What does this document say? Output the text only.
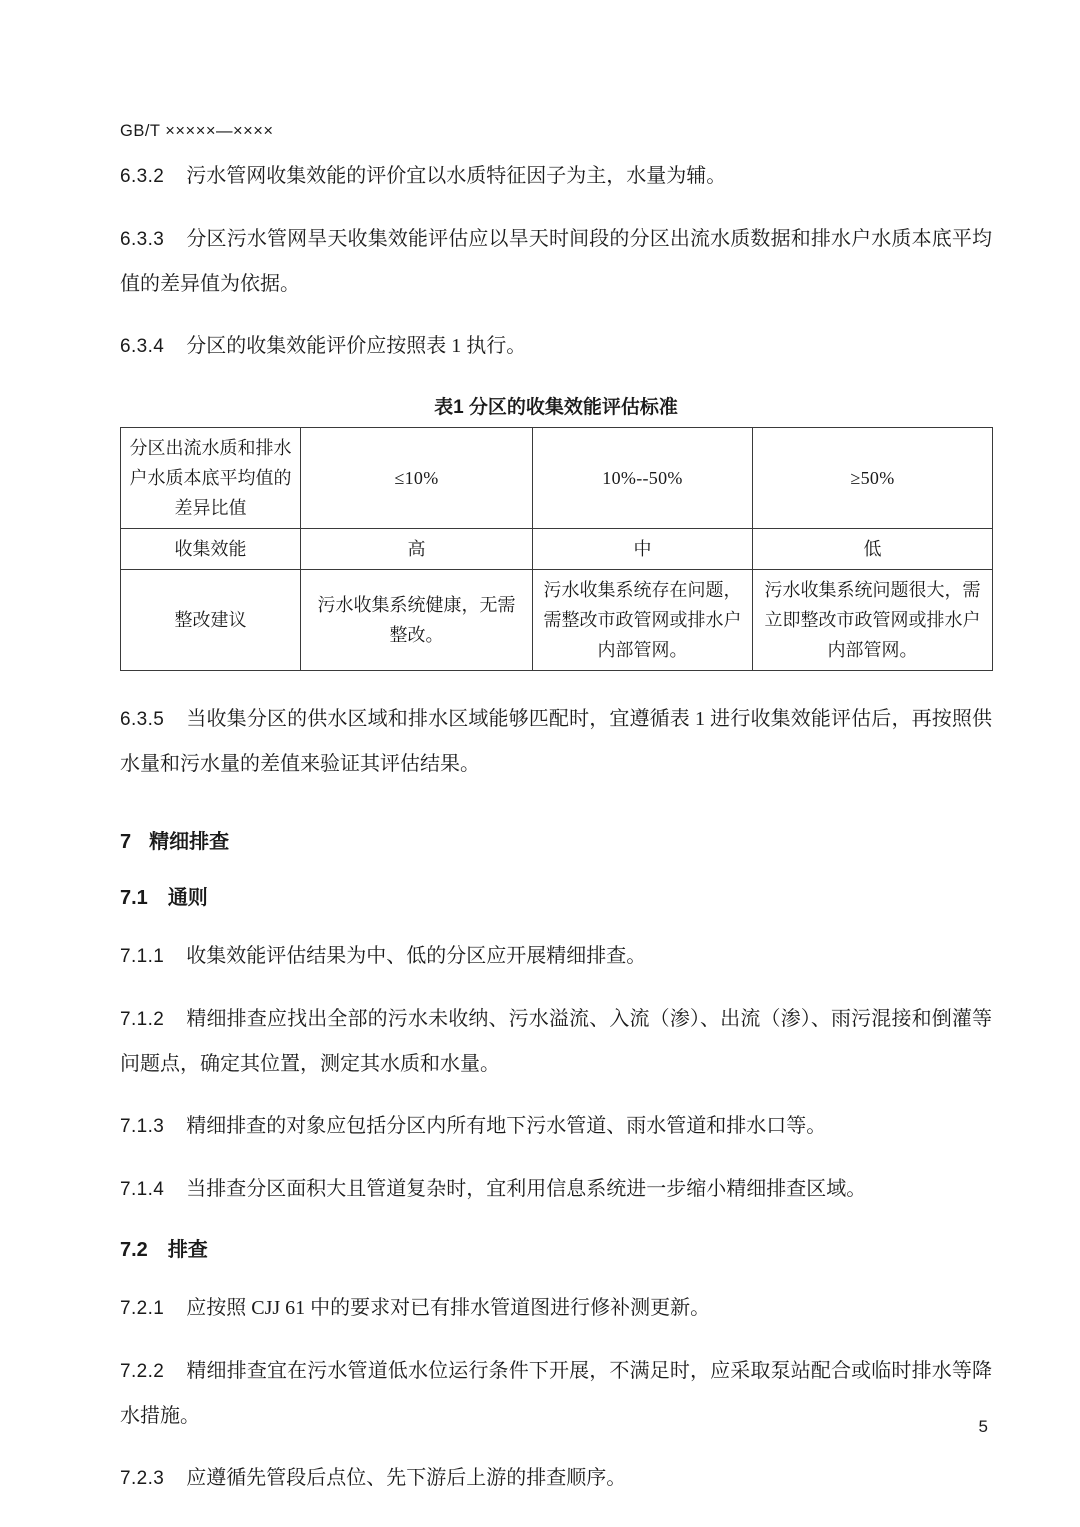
GB/T ×××××—××××

6.3.2 污水管网收集效能的评价宜以水质特征因子为主，水量为辅。

6.3.3 分区污水管网旱天收集效能评估应以旱天时间段的分区出流水质数据和排水户水质本底平均值的差异值为依据。

6.3.4 分区的收集效能评价应按照表 1 执行。

表1 分区的收集效能评估标准
分区出流水质和排水户水质本底平均值的差异比值	≤10%	10%--50%	≥50%
收集效能	高	中	低
整改建议	污水收集系统健康，无需整改。	污水收集系统存在问题，需整改市政管网或排水户内部管网。	污水收集系统问题很大，需立即整改市政管网或排水户内部管网。

6.3.5 当收集分区的供水区域和排水区域能够匹配时，宜遵循表 1 进行收集效能评估后，再按照供水量和污水量的差值来验证其评估结果。

7 精细排查

7.1 通则

7.1.1 收集效能评估结果为中、低的分区应开展精细排查。

7.1.2 精细排查应找出全部的污水未收纳、污水溢流、入流（渗）、出流（渗）、雨污混接和倒灌等问题点，确定其位置，测定其水质和水量。

7.1.3 精细排查的对象应包括分区内所有地下污水管道、雨水管道和排水口等。

7.1.4 当排查分区面积大且管道复杂时，宜利用信息系统进一步缩小精细排查区域。

7.2 排查

7.2.1 应按照 CJJ 61 中的要求对已有排水管道图进行修补测更新。

7.2.2 精细排查宜在污水管道低水位运行条件下开展，不满足时，应采取泵站配合或临时排水等降水措施。

7.2.3 应遵循先管段后点位、先下游后上游的排查顺序。

5
